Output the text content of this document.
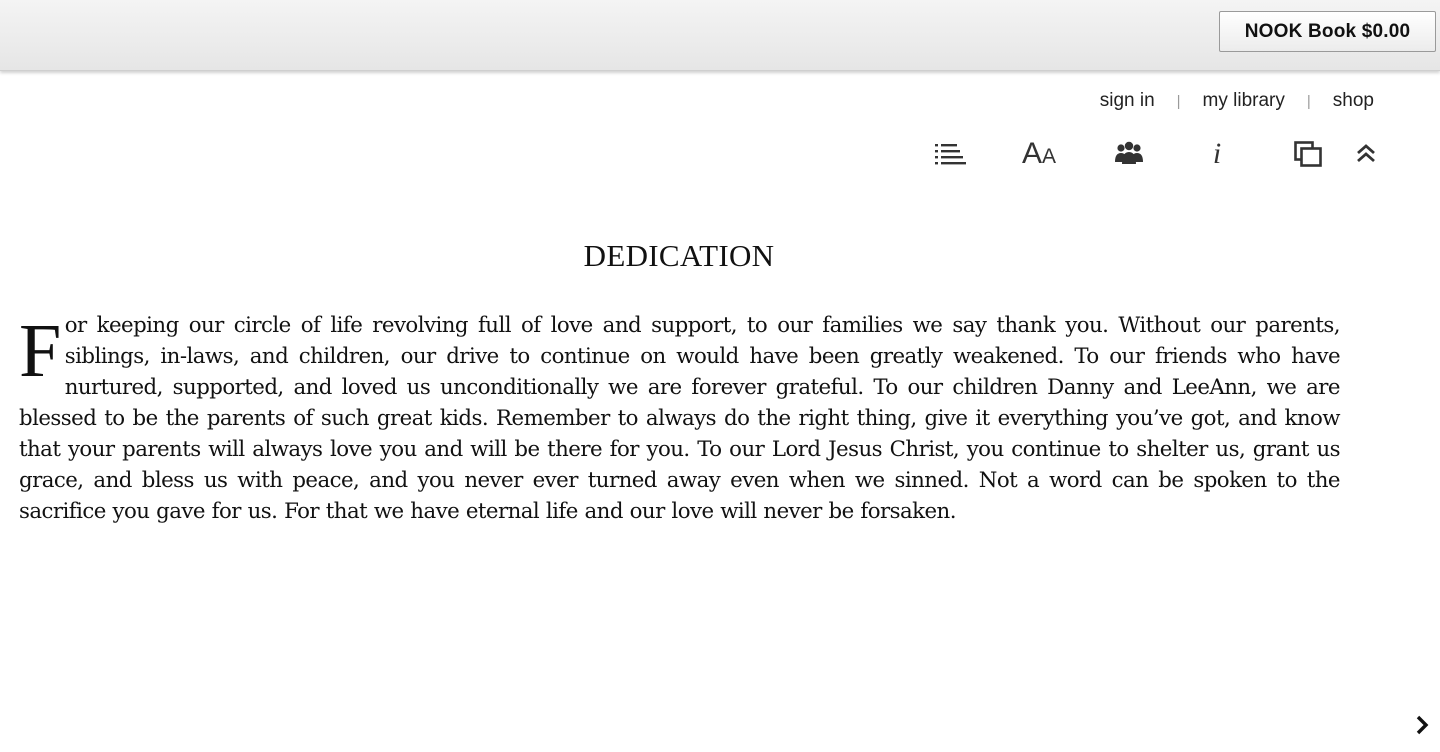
NOOK Book $0.00
sign in | my library | shop
AA	i
DEDICATION

For keeping our circle of life revolving full of love and support, to our families we say thank you. Without our parents, siblings, in-laws, and children, our drive to continue on would have been greatly weakened. To our friends who have nurtured, supported, and loved us unconditionally we are forever grateful. To our children Danny and LeeAnn, we are blessed to be the parents of such great kids. Remember to always do the right thing, give it everything you’ve got, and know that your parents will always love you and will be there for you. To our Lord Jesus Christ, you continue to shelter us, grant us grace, and bless us with peace, and you never ever turned away even when we sinned. Not a word can be spoken to the sacrifice you gave for us. For that we have eternal life and our love will never be forsaken.
